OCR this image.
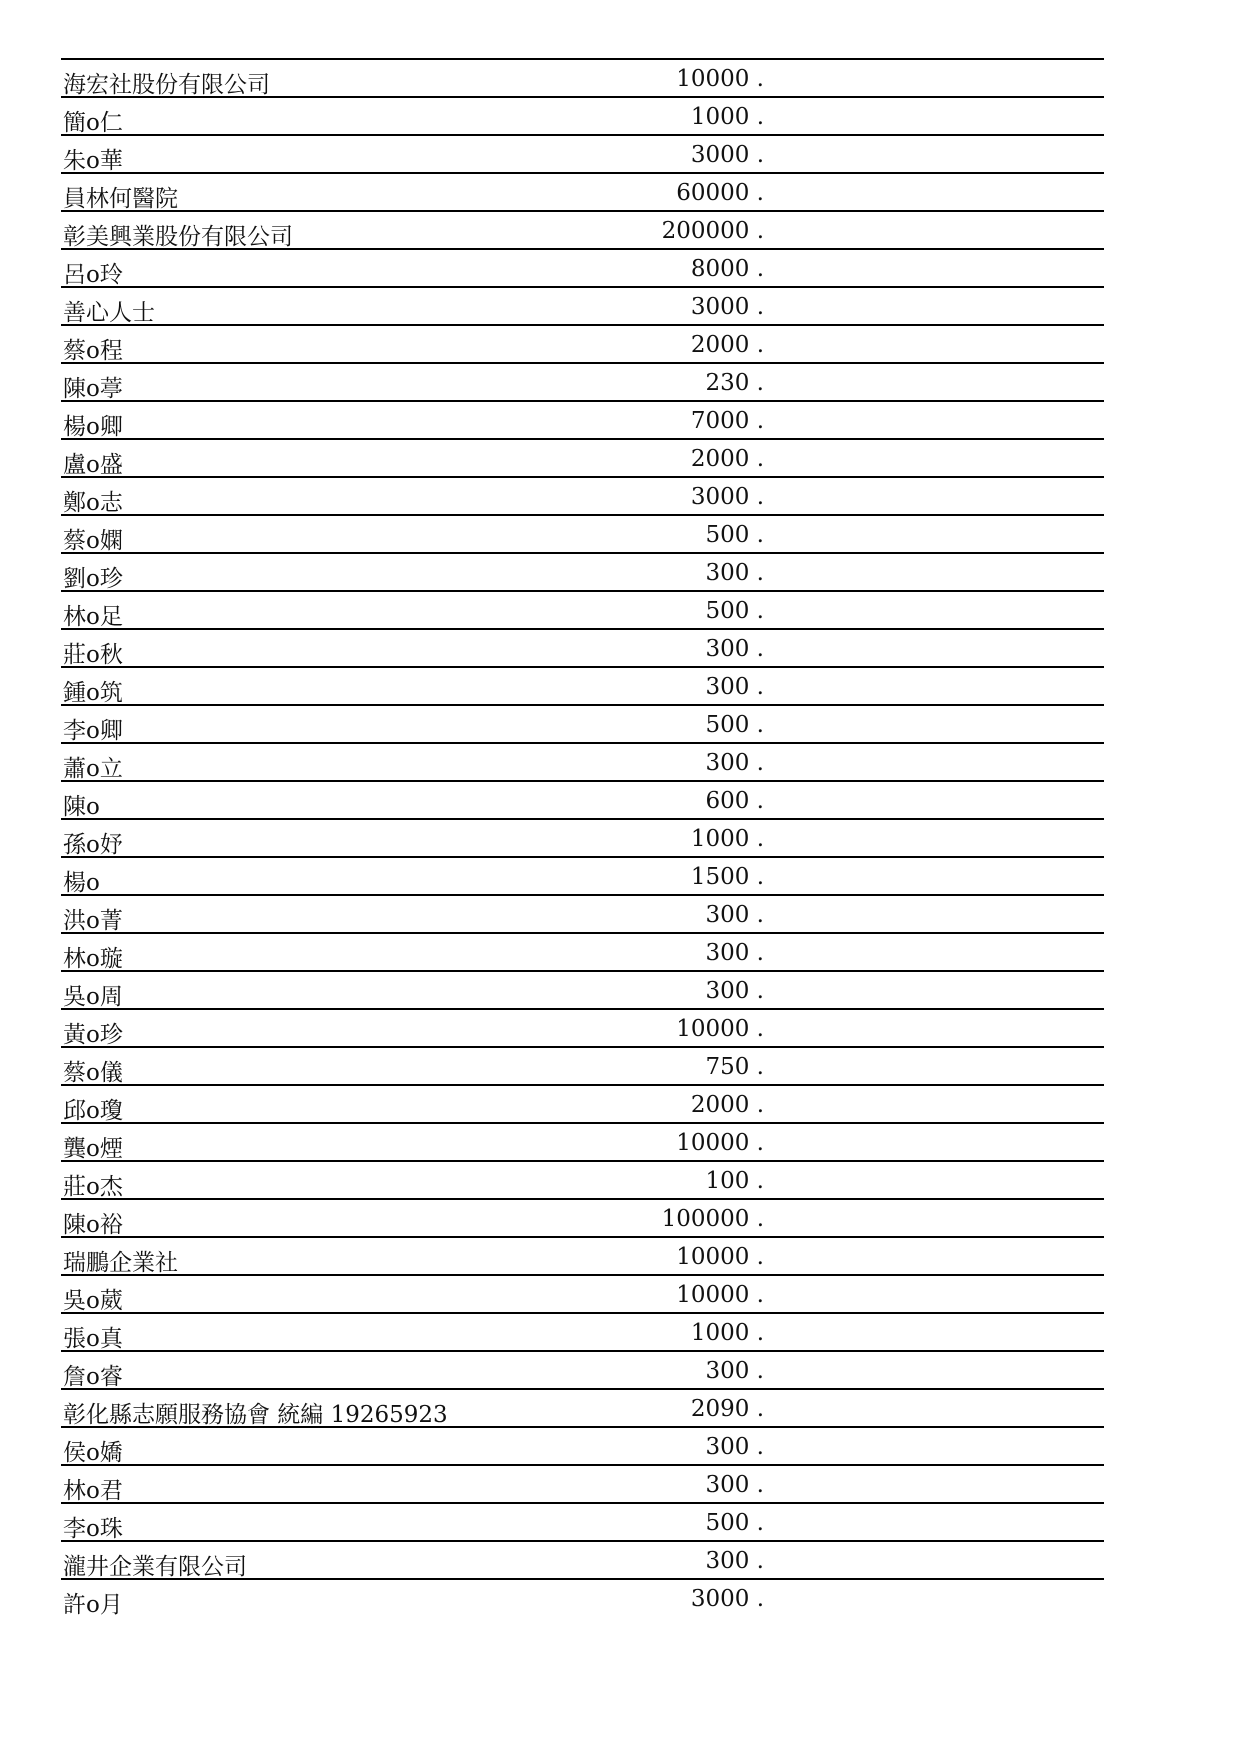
海宏社股份有限公司	10000 .
簡o仁	1000 .
朱o華	3000 .
員林何醫院	60000 .
彰美興業股份有限公司	200000 .
呂o玲	8000 .
善心人士	3000 .
蔡o程	2000 .
陳o葶	230 .
楊o卿	7000 .
盧o盛	2000 .
鄭o志	3000 .
蔡o嫻	500 .
劉o珍	300 .
林o足	500 .
莊o秋	300 .
鍾o筑	300 .
李o卿	500 .
蕭o立	300 .
陳o	600 .
孫o妤	1000 .
楊o	1500 .
洪o菁	300 .
林o璇	300 .
吳o周	300 .
黃o珍	10000 .
蔡o儀	750 .
邱o瓊	2000 .
龔o煙	10000 .
莊o杰	100 .
陳o裕	100000 .
瑞鵬企業社	10000 .
吳o葳	10000 .
張o真	1000 .
詹o睿	300 .
彰化縣志願服務協會 統編 19265923	2090 .
侯o嬌	300 .
林o君	300 .
李o珠	500 .
瀧井企業有限公司	300 .
許o月	3000 .
